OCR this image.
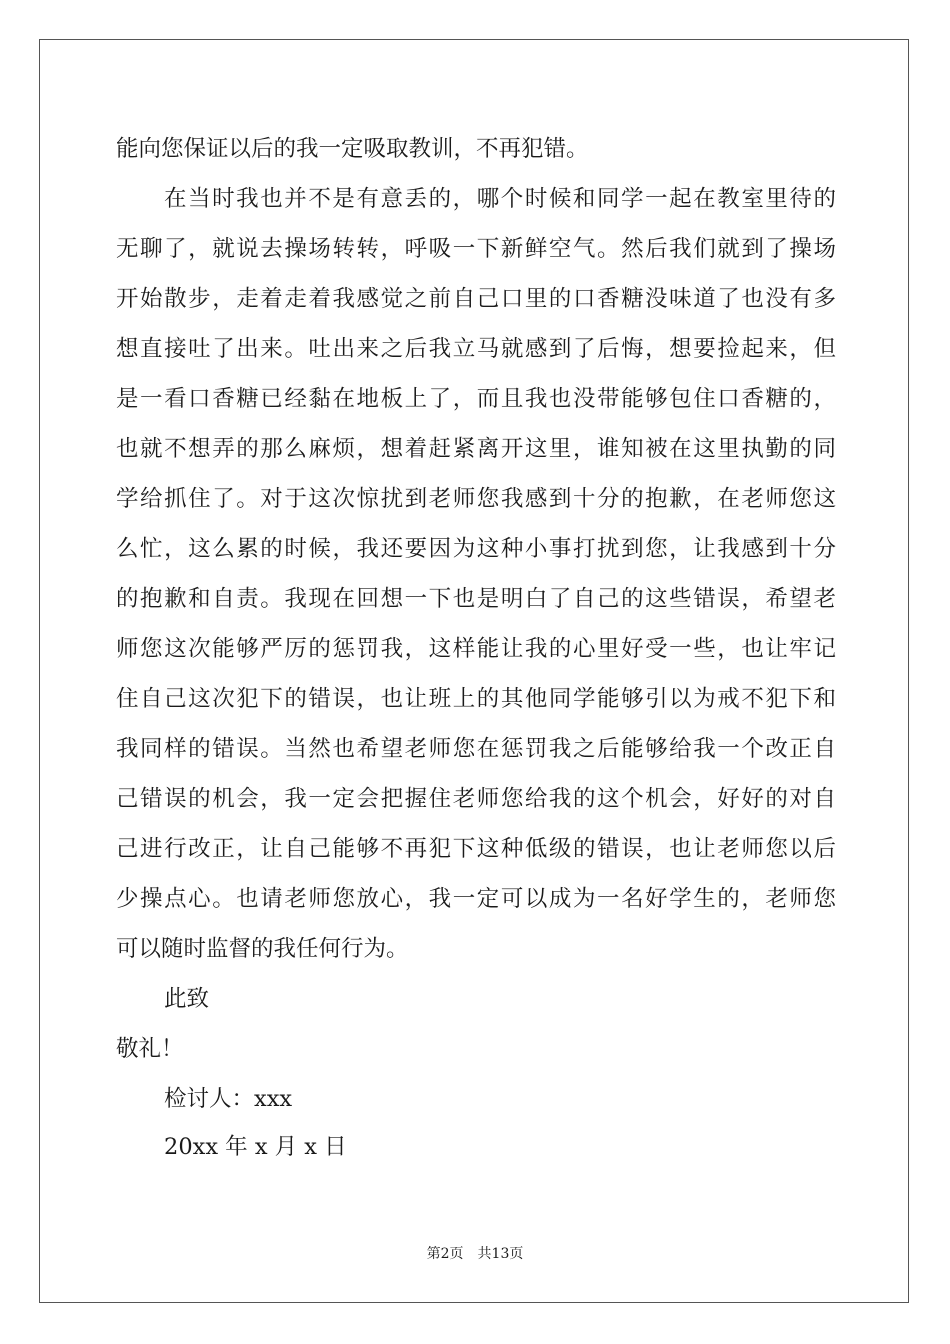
能向您保证以后的我一定吸取教训，不再犯错。
在当时我也并不是有意丢的，哪个时候和同学一起在教室里待的
无聊了，就说去操场转转，呼吸一下新鲜空气。然后我们就到了操场
开始散步，走着走着我感觉之前自己口里的口香糖没味道了也没有多
想直接吐了出来。吐出来之后我立马就感到了后悔，想要捡起来，但
是一看口香糖已经黏在地板上了，而且我也没带能够包住口香糖的，
也就不想弄的那么麻烦，想着赶紧离开这里，谁知被在这里执勤的同
学给抓住了。对于这次惊扰到老师您我感到十分的抱歉，在老师您这
么忙，这么累的时候，我还要因为这种小事打扰到您，让我感到十分
的抱歉和自责。我现在回想一下也是明白了自己的这些错误，希望老
师您这次能够严厉的惩罚我，这样能让我的心里好受一些，也让牢记
住自己这次犯下的错误，也让班上的其他同学能够引以为戒不犯下和
我同样的错误。当然也希望老师您在惩罚我之后能够给我一个改正自
己错误的机会，我一定会把握住老师您给我的这个机会，好好的对自
己进行改正，让自己能够不再犯下这种低级的错误，也让老师您以后
少操点心。也请老师您放心，我一定可以成为一名好学生的，老师您
可以随时监督的我任何行为。
此致
敬礼！
检讨人：xxx
20xx 年 x 月 x 日
第2页 共13页
